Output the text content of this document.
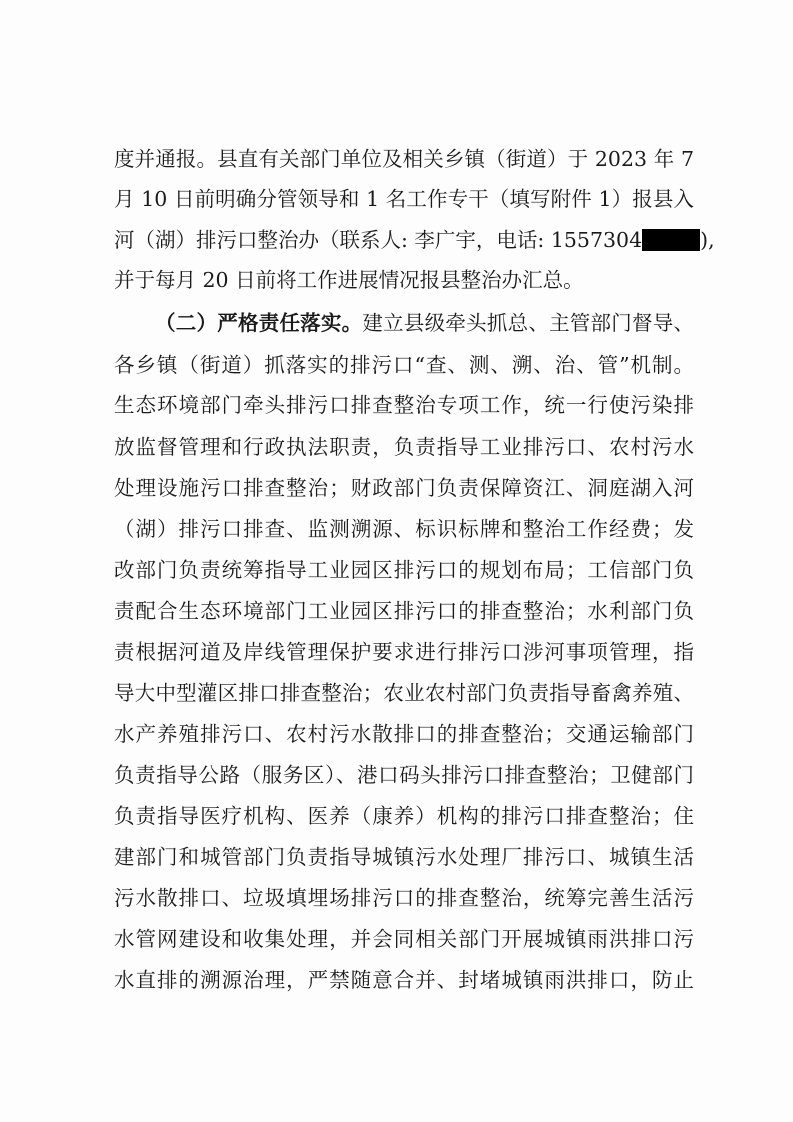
度并通报。县直有关部门单位及相关乡镇（街道）于 2023 年 7
月 10 日前明确分管领导和 1 名工作专干（填写附件 1）报县入
河（湖）排污口整治办（联系人: 李广宇，电话: 1557304	),
并于每月 20 日前将工作进展情况报县整治办汇总。
（二）严格责任落实。建立县级牵头抓总、主管部门督导、
各乡镇（街道）抓落实的排污口“查、测、溯、治、管”机制。
生态环境部门牵头排污口排查整治专项工作，统一行使污染排
放监督管理和行政执法职责，负责指导工业排污口、农村污水
处理设施污口排查整治；财政部门负责保障资江、洞庭湖入河
（湖）排污口排查、监测溯源、标识标牌和整治工作经费；发
改部门负责统筹指导工业园区排污口的规划布局；工信部门负
责配合生态环境部门工业园区排污口的排查整治；水利部门负
责根据河道及岸线管理保护要求进行排污口涉河事项管理，指
导大中型灌区排口排查整治；农业农村部门负责指导畜禽养殖、
水产养殖排污口、农村污水散排口的排查整治；交通运输部门
负责指导公路（服务区）、港口码头排污口排查整治；卫健部门
负责指导医疗机构、医养（康养）机构的排污口排查整治；住
建部门和城管部门负责指导城镇污水处理厂排污口、城镇生活
污水散排口、垃圾填埋场排污口的排查整治，统筹完善生活污
水管网建设和收集处理，并会同相关部门开展城镇雨洪排口污
水直排的溯源治理，严禁随意合并、封堵城镇雨洪排口，防止
